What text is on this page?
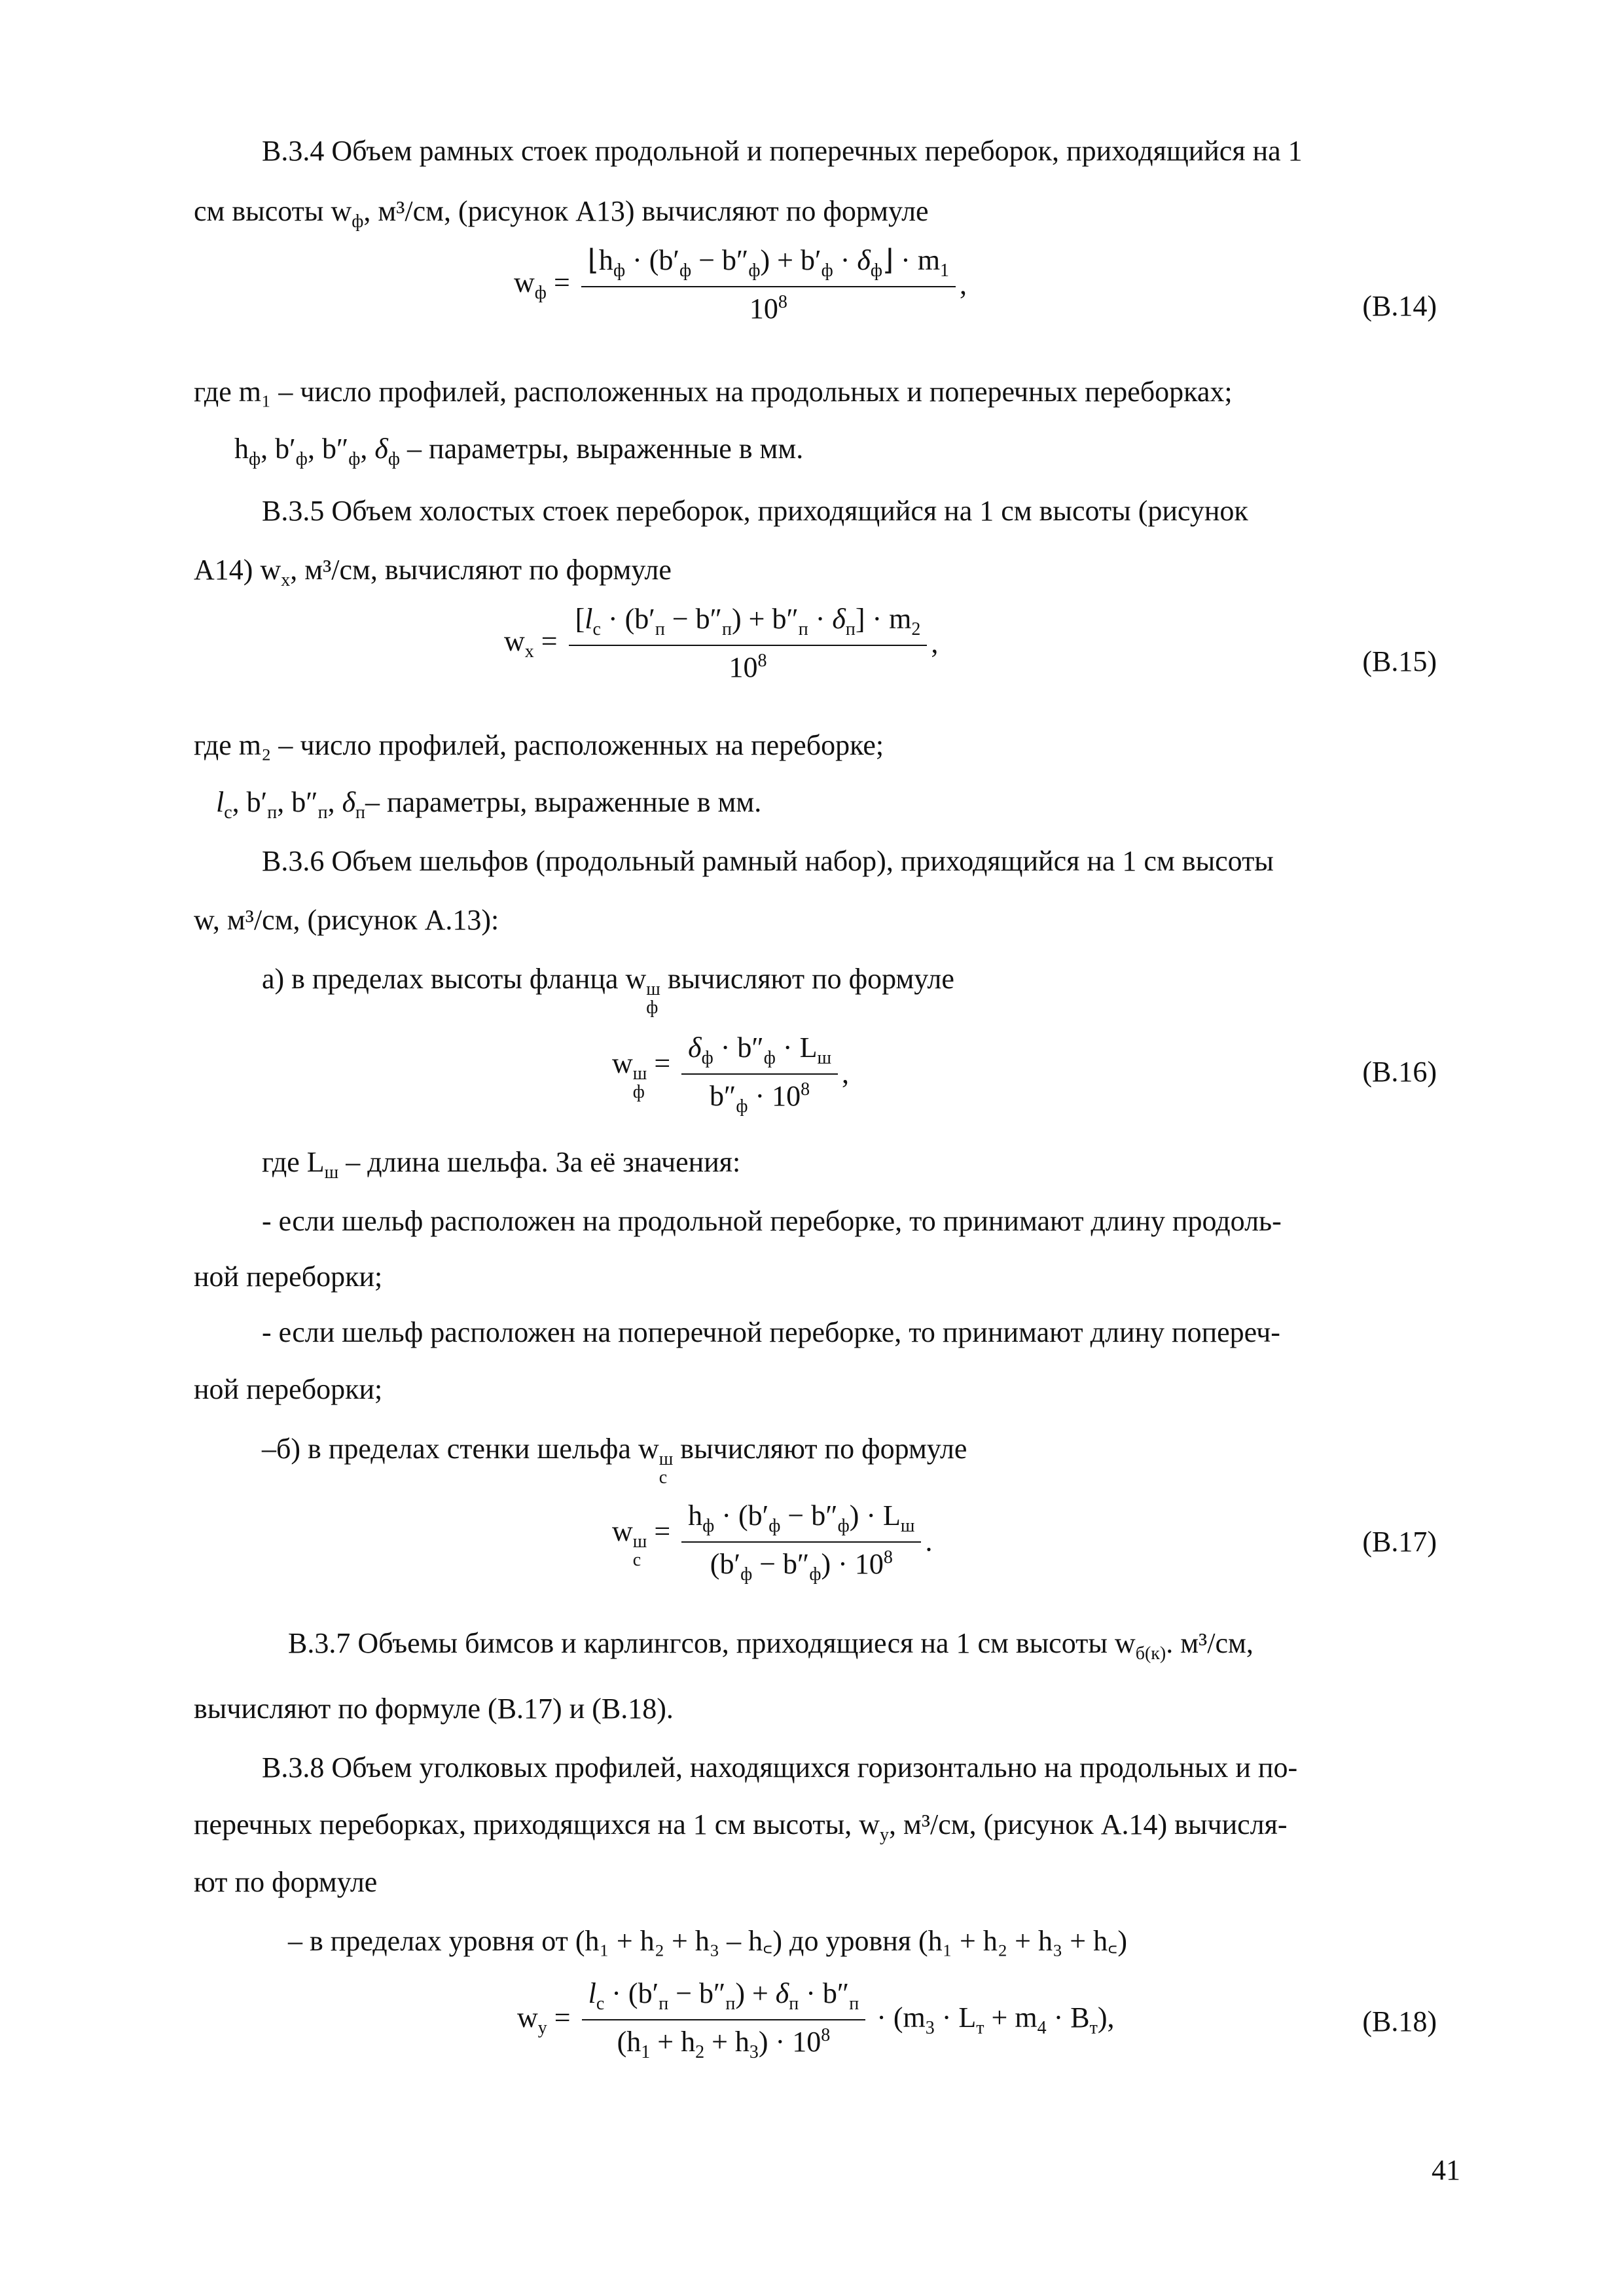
В.3.4 Объем рамных стоек продольной и поперечных переборок, приходящийся на 1
см высоты $w_ф$, м³/см, (рисунок А13) вычисляют по формуле
$w_ф = \frac{⌊h_ф \cdot (b'_ф - b''_ф) + b'_ф \cdot \delta_ф⌋ \cdot m_1}{10^8}$ ,
(В.14)
где m₁ – число профилей, расположенных на продольных и поперечных переборках;
$h_ф$, $b'_ф$, $b''_ф$, $\delta_ф$ – параметры, выраженные в мм.
В.3.5 Объем холостых стоек переборок, приходящийся на 1 см высоты (рисунок
А14) $w_x$, м³/см, вычисляют по формуле
$w_x = \frac{[l_c \cdot (b'_п - b''_п) + b''_п \cdot \delta_п] \cdot m_2}{10^8}$ ,
(В.15)
где m₂ – число профилей, расположенных на переборке;
$l_c$, $b'_п$, $b''_п$, $\delta_п-$ параметры, выраженные в мм.
В.3.6 Объем шельфов (продольный рамный набор), приходящийся на 1 см высоты
w, м³/см, (рисунок А.13):
а) в пределах высоты фланца w ш
ф
вычисляют по формуле
w ш
ф
= $\frac{\delta_ф \cdot b''_ф \cdot L_ш}{b''_ф \cdot 10^8}$ ,	(В.16)
где $L_ш$ – длина шельфа. За её значения:
- если шельф расположен на продольной переборке, то принимают длину продоль-
ной переборки;
- если шельф расположен на поперечной переборке, то принимают длину попереч-
ной переборки;
–б) в пределах стенки шельфа w ш
c
вычисляют по формуле
w ш
c
= $\frac{h_ф \cdot (b'_ф - b''_ф) \cdot L_ш}{(b'_ф - b''_ф) \cdot 10^8}$ .	(В.17)
В.3.7 Объемы бимсов и карлингсов, приходящиеся на 1 см высоты $w_{б(к)}$. м³/см,
вычисляют по формуле (В.17) и (В.18).
В.3.8 Объем уголковых профилей, находящихся горизонтально на продольных и по-
перечных переборках, приходящихся на 1 см высоты, $w_y$, м³/см, (рисунок А.14) вычисля-
ют по формуле
– в пределах уровня от (h₁ + h₂ + h₃ – h꜀) до уровня (h₁ + h₂ + h₃ + h꜀)
$w_y = \frac{l_c \cdot (b'_п - b''_п) + \delta_п \cdot b''_п}{(h_1 + h_2 + h_3) \cdot 10^8} \cdot (m_3 \cdot L_т + m_4 \cdot B_т)$,	(В.18)
41
